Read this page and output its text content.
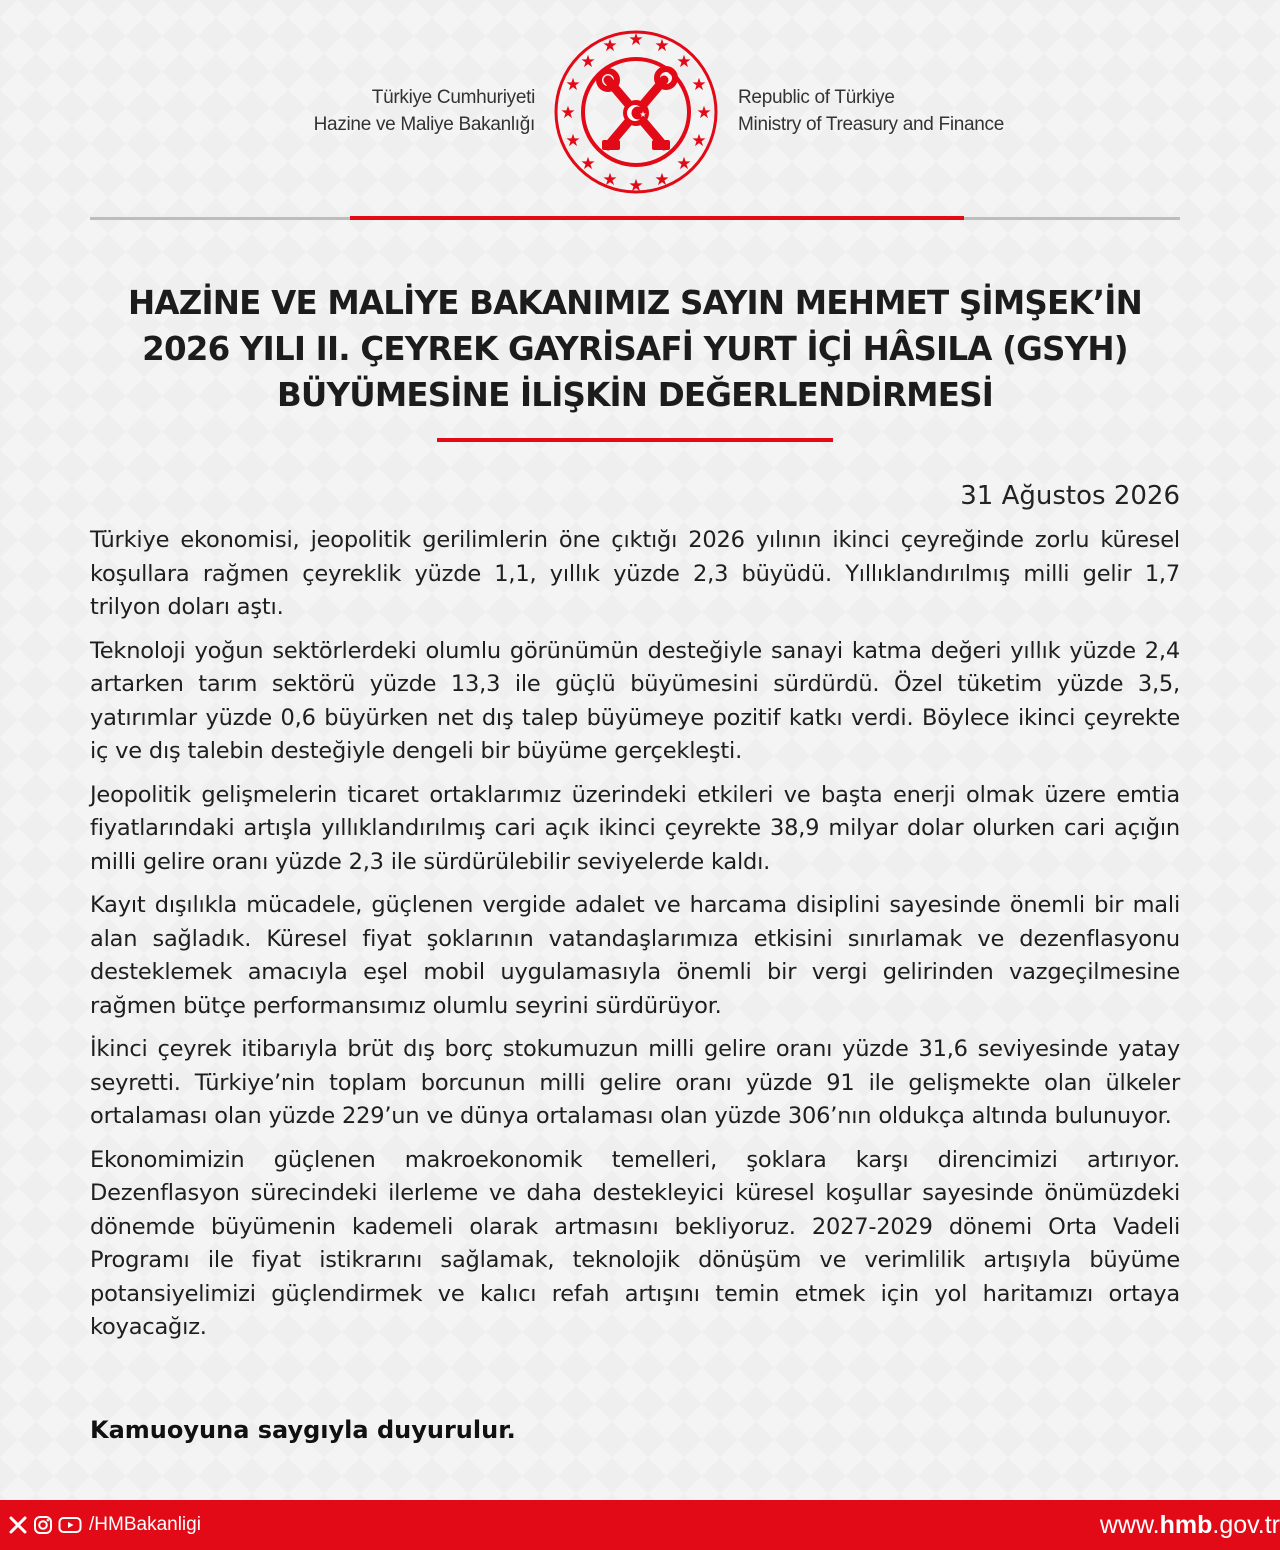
Türkiye Cumhuriyeti
Hazine ve Maliye Bakanlığı
★
★ ★
★	★
★	★
★	★
★	★
★	★
★ ★
★
★
Republic of Türkiye
Ministry of Treasury and Finance
HAZİNE VE MALİYE BAKANIMIZ SAYIN MEHMET ŞİMŞEK’İN
2026 YILI II. ÇEYREK GAYRİSAFİ YURT İÇİ HÂSILA (GSYH)
BÜYÜMESİNE İLİŞKİN DEĞERLENDİRMESİ
31 Ağustos 2026

Türkiye ekonomisi, jeopolitik gerilimlerin öne çıktığı 2026 yılının ikinci çeyreğinde zorlu küresel koşullara rağmen çeyreklik yüzde 1,1, yıllık yüzde 2,3 büyüdü. Yıllıklandırılmış milli gelir 1,7 trilyon doları aştı.

Teknoloji yoğun sektörlerdeki olumlu görünümün desteğiyle sanayi katma değeri yıllık yüzde 2,4 artarken tarım sektörü yüzde 13,3 ile güçlü büyümesini sürdürdü. Özel tüketim yüzde 3,5, yatırımlar yüzde 0,6 büyürken net dış talep büyümeye pozitif katkı verdi. Böylece ikinci çeyrekte iç ve dış talebin desteğiyle dengeli bir büyüme gerçekleşti.

Jeopolitik gelişmelerin ticaret ortaklarımız üzerindeki etkileri ve başta enerji olmak üzere emtia fiyatlarındaki artışla yıllıklandırılmış cari açık ikinci çeyrekte 38,9 milyar dolar olurken cari açığın milli gelire oranı yüzde 2,3 ile sürdürülebilir seviyelerde kaldı.

Kayıt dışılıkla mücadele, güçlenen vergide adalet ve harcama disiplini sayesinde önemli bir mali alan sağladık. Küresel fiyat şoklarının vatandaşlarımıza etkisini sınırlamak ve dezenflasyonu desteklemek amacıyla eşel mobil uygulamasıyla önemli bir vergi gelirinden vazgeçilmesine rağmen bütçe performansımız olumlu seyrini sürdürüyor.

İkinci çeyrek itibarıyla brüt dış borç stokumuzun milli gelire oranı yüzde 31,6 seviyesinde yatay seyretti. Türkiye’nin toplam borcunun milli gelire oranı yüzde 91 ile gelişmekte olan ülkeler ortalaması olan yüzde 229’un ve dünya ortalaması olan yüzde 306’nın oldukça altında bulunuyor.

Ekonomimizin güçlenen makroekonomik temelleri, şoklara karşı direncimizi artırıyor. Dezenflasyon sürecindeki ilerleme ve daha destekleyici küresel koşullar sayesinde önümüzdeki dönemde büyümenin kademeli olarak artmasını bekliyoruz. 2027-2029 dönemi Orta Vadeli Programı ile fiyat istikrarını sağlamak, teknolojik dönüşüm ve verimlilik artışıyla büyüme potansiyelimizi güçlendirmek ve kalıcı refah artışını temin etmek için yol haritamızı ortaya koyacağız.

Kamuoyuna saygıyla duyurulur.
/HMBakanligi	www.hmb.gov.tr
